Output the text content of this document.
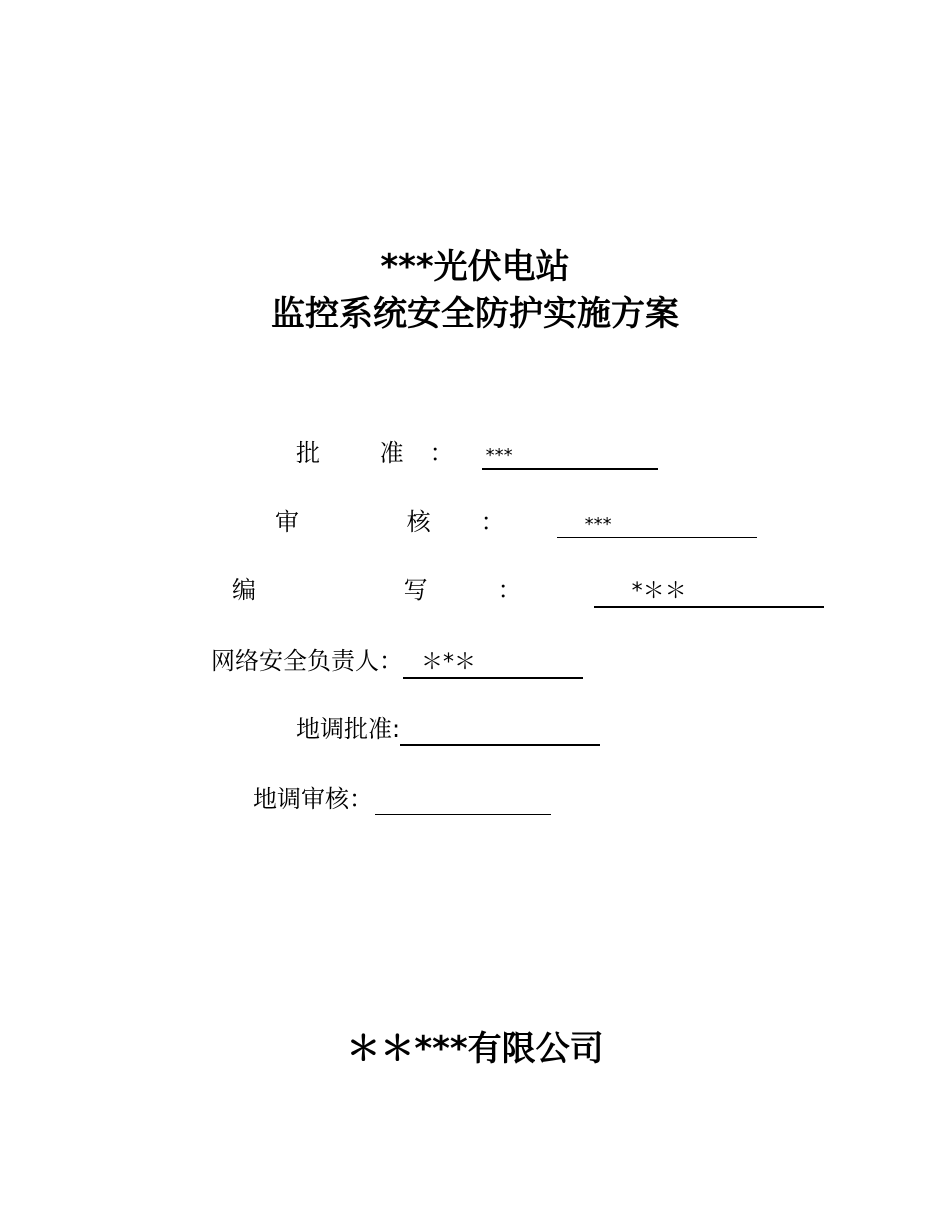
***光伏电站
监控系统安全防护实施方案
批 准： ***
审 核： ***
编 写： *＊＊
网络安全负责人： ＊*＊
地调批准:
地调审核：
＊＊***有限公司
